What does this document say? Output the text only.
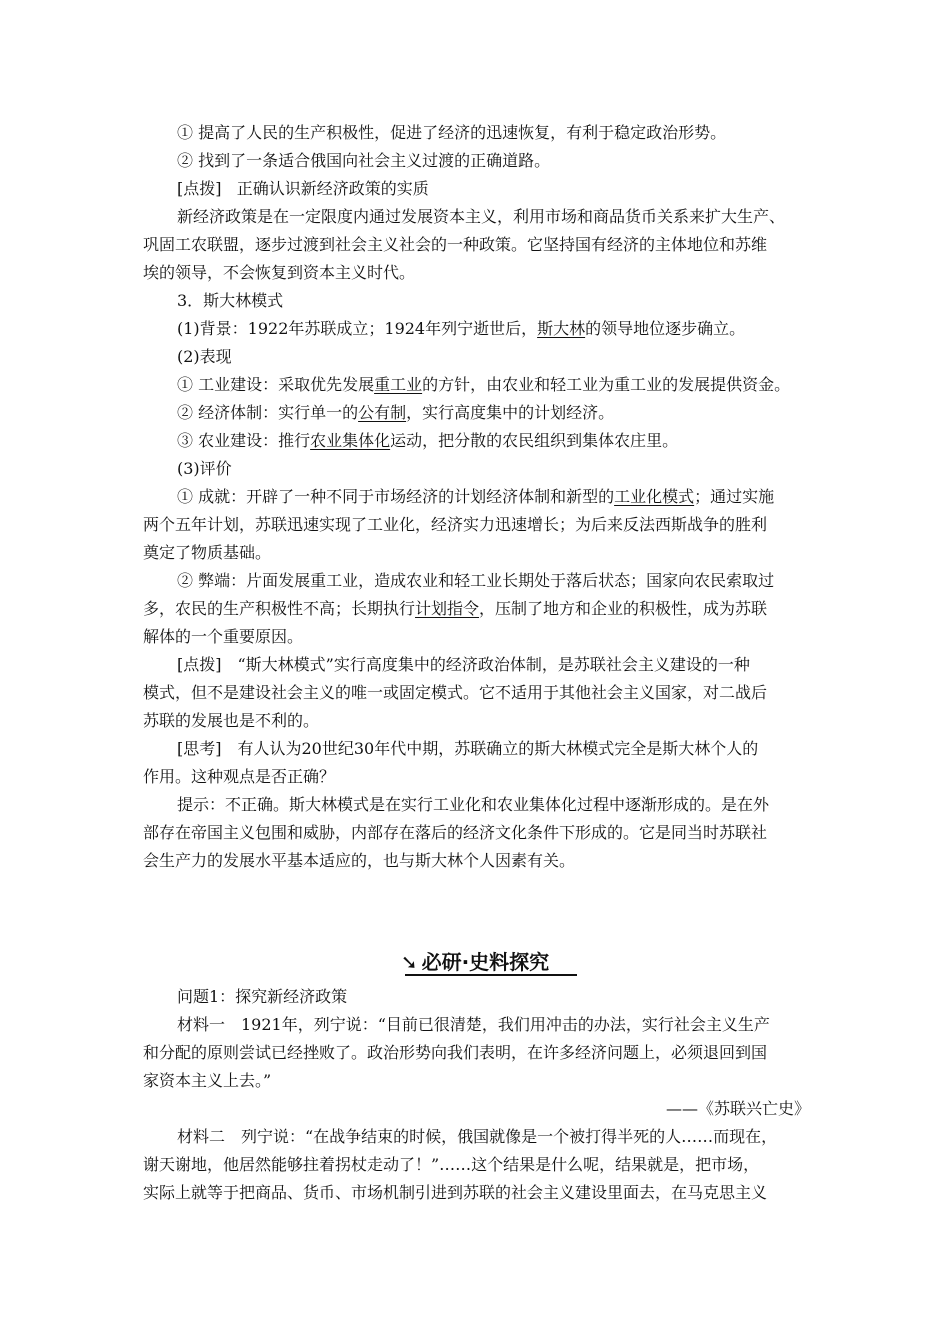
① 提高了人民的生产积极性，促进了经济的迅速恢复，有利于稳定政治形势。
② 找到了一条适合俄国向社会主义过渡的正确道路。
[点拨] 正确认识新经济政策的实质
新经济政策是在一定限度内通过发展资本主义，利用市场和商品货币关系来扩大生产、
巩固工农联盟，逐步过渡到社会主义社会的一种政策。它坚持国有经济的主体地位和苏维
埃的领导，不会恢复到资本主义时代。
3．斯大林模式
(1)背景：1922年苏联成立；1924年列宁逝世后，斯大林的领导地位逐步确立。
(2)表现
① 工业建设：采取优先发展重工业的方针，由农业和轻工业为重工业的发展提供资金。
② 经济体制：实行单一的公有制，实行高度集中的计划经济。
③ 农业建设：推行农业集体化运动，把分散的农民组织到集体农庄里。
(3)评价
① 成就：开辟了一种不同于市场经济的计划经济体制和新型的工业化模式；通过实施
两个五年计划，苏联迅速实现了工业化，经济实力迅速增长；为后来反法西斯战争的胜利
奠定了物质基础。
② 弊端：片面发展重工业，造成农业和轻工业长期处于落后状态；国家向农民索取过
多，农民的生产积极性不高；长期执行计划指令，压制了地方和企业的积极性，成为苏联
解体的一个重要原因。
[点拨]　“斯大林模式”实行高度集中的经济政治体制，是苏联社会主义建设的一种
模式，但不是建设社会主义的唯一或固定模式。它不适用于其他社会主义国家，对二战后
苏联的发展也是不利的。
[思考]　有人认为20世纪30年代中期，苏联确立的斯大林模式完全是斯大林个人的
作用。这种观点是否正确？
提示：不正确。斯大林模式是在实行工业化和农业集体化过程中逐渐形成的。是在外
部存在帝国主义包围和威胁，内部存在落后的经济文化条件下形成的。它是同当时苏联社
会生产力的发展水平基本适应的，也与斯大林个人因素有关。
➘ 必研·史料探究
问题1：探究新经济政策
材料一　1921年，列宁说：“目前已很清楚，我们用冲击的办法，实行社会主义生产
和分配的原则尝试已经挫败了。政治形势向我们表明，在许多经济问题上，必须退回到国
家资本主义上去。”
——《苏联兴亡史》
材料二　列宁说：“在战争结束的时候，俄国就像是一个被打得半死的人……而现在，
谢天谢地，他居然能够拄着拐杖走动了！”……这个结果是什么呢，结果就是，把市场，
实际上就等于把商品、货币、市场机制引进到苏联的社会主义建设里面去，在马克思主义
